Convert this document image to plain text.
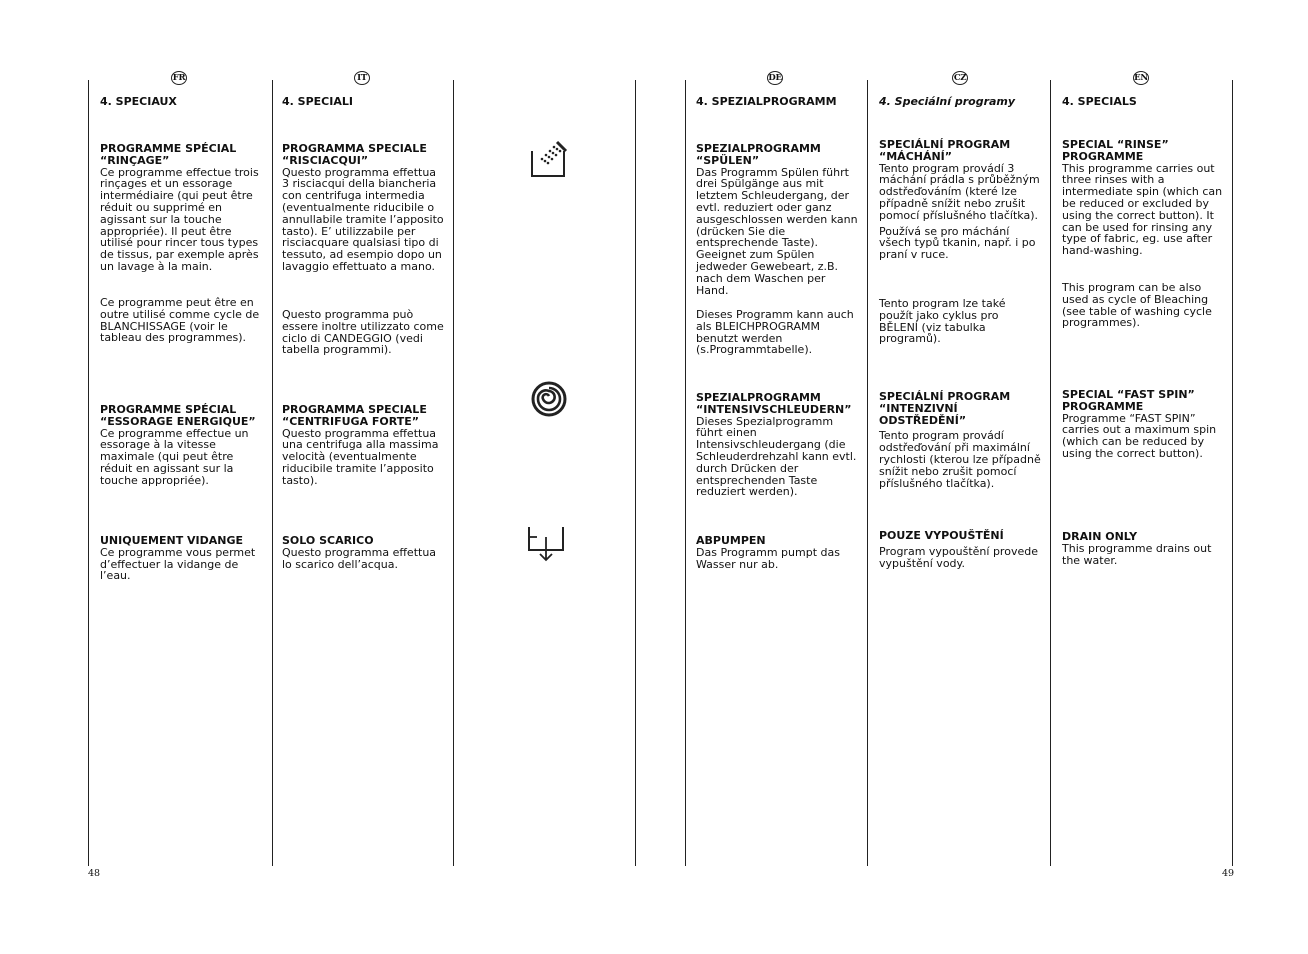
FR
4. SPECIAUX
PROGRAMME SPÉCIAL “RINÇAGE”

Ce programme effectue trois rinçages et un essorage intermédiaire (qui peut être réduit ou supprimé en agissant sur la touche appropriée). Il peut être utilisé pour rincer tous types de tissus, par exemple après un lavage à la main.

Ce programme peut être en outre utilisé comme cycle de BLANCHISSAGE (voir le tableau des programmes).

PROGRAMME SPÉCIAL “ESSORAGE ENERGIQUE”

Ce programme effectue un essorage à la vitesse maximale (qui peut être réduit en agissant sur la touche appropriée).

UNIQUEMENT VIDANGE

Ce programme vous permet d’effectuer la vidange de l’eau.

IT
4. SPECIALI
PROGRAMMA SPECIALE “RISCIACQUI”

Questo programma effettua 3 risciacqui della biancheria con centrifuga intermedia (eventualmente riducibile o annullabile tramite l’apposito tasto). E’ utilizzabile per risciacquare qualsiasi tipo di tessuto, ad esempio dopo un lavaggio effettuato a mano.

Questo programma può essere inoltre utilizzato come ciclo di CANDEGGIO (vedi tabella programmi).

PROGRAMMA SPECIALE “CENTRIFUGA FORTE”

Questo programma effettua una centrifuga alla massima velocità (eventualmente riducibile tramite l’apposito tasto).

SOLO SCARICO

Questo programma effettua lo scarico dell’acqua.

DE
4. SPEZIALPROGRAMM
SPEZIALPROGRAMM “SPÜLEN”

Das Programm Spülen führt drei Spülgänge aus mit letztem Schleudergang, der evtl. reduziert oder ganz ausgeschlossen werden kann (drücken Sie die entsprechende Taste). Geeignet zum Spülen jedweder Gewebeart, z.B. nach dem Waschen per Hand.

Dieses Programm kann auch als BLEICHPROGRAMM benutzt werden (s.Programmtabelle).

SPEZIALPROGRAMM “INTENSIVSCHLEUDERN”

Dieses Spezialprogramm führt einen Intensivschleudergang (die Schleuderdrehzahl kann evtl. durch Drücken der entsprechenden Taste reduziert werden).

ABPUMPEN

Das Programm pumpt das Wasser nur ab.

CZ
4. Speciální programy
SPECIÁLNÍ PROGRAM “MÁCHÁNÍ”

Tento program provádí 3 máchání prádla s průběžným odstřeďováním (které lze případně snížit nebo zrušit pomocí příslušného tlačítka).

Používá se pro máchání všech typů tkanin, např. i po praní v ruce.

Tento program lze také použít jako cyklus pro BĚLENÍ (viz tabulka programů).

SPECIÁLNÍ PROGRAM “INTENZIVNÍ ODSTŘEDĚNÍ”

Tento program provádí odstřeďování při maximální rychlosti (kterou lze případně snížit nebo zrušit pomocí příslušného tlačítka).

POUZE VYPOUŠTĚNÍ

Program vypouštění provede vypuštění vody.

EN
4. SPECIALS
SPECIAL “RINSE” PROGRAMME

This programme carries out three rinses with a intermediate spin (which can be reduced or excluded by using the correct button). It can be used for rinsing any type of fabric, eg. use after hand-washing.

This program can be also used as cycle of Bleaching (see table of washing cycle programmes).

SPECIAL “FAST SPIN” PROGRAMME

Programme “FAST SPIN” carries out a maximum spin (which can be reduced by using the correct button).

DRAIN ONLY

This programme drains out the water.

48	49
